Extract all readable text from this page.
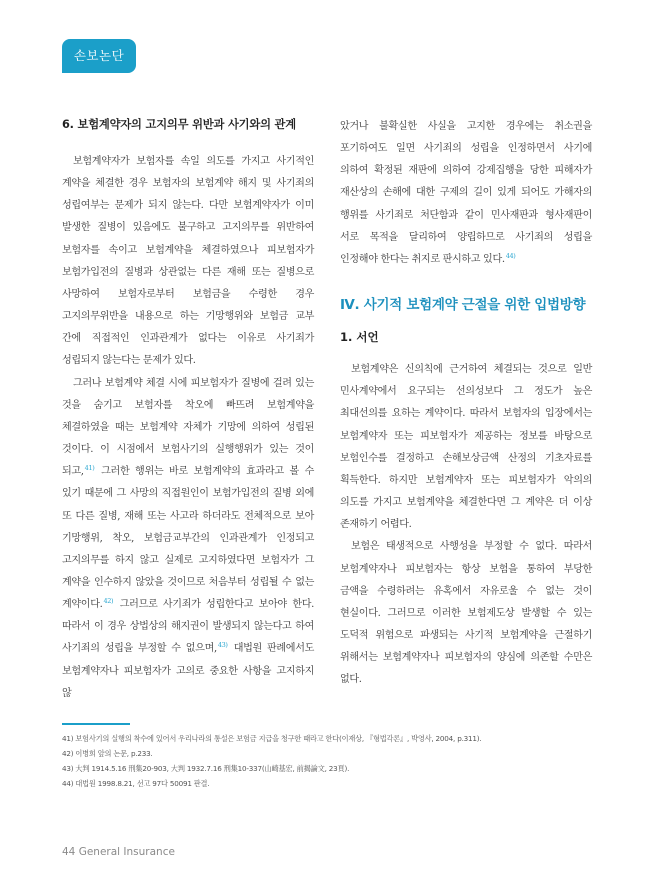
손보논단
6. 보험계약자의 고지의무 위반과 사기와의 관계

보험계약자가 보험자를 속일 의도를 가지고 사기적인 계약을 체결한 경우 보험자의 보험계약 해지 및 사기죄의 성립여부는 문제가 되지 않는다. 다만 보험계약자가 이미 발생한 질병이 있음에도 불구하고 고지의무를 위반하여 보험자를 속이고 보험계약을 체결하였으나 피보험자가 보험가입전의 질병과 상관없는 다른 재해 또는 질병으로 사망하여 보험자로부터 보험금을 수령한 경우 고지의무위반을 내용으로 하는 기망행위와 보험금 교부 간에 직접적인 인과관계가 없다는 이유로 사기죄가 성립되지 않는다는 문제가 있다.

그러나 보험계약 체결 시에 피보험자가 질병에 걸려 있는 것을 숨기고 보험자를 착오에 빠뜨려 보험계약을 체결하였을 때는 보험계약 자체가 기망에 의하여 성립된 것이다. 이 시점에서 보험사기의 실행행위가 있는 것이 되고,$^{41)}$ 그러한 행위는 바로 보험계약의 효과라고 볼 수 있기 때문에 그 사망의 직접원인이 보험가입전의 질병 외에 또 다른 질병, 재해 또는 사고라 하더라도 전체적으로 보아 기망행위, 착오, 보험금교부간의 인과관계가 인정되고 고지의무를 하지 않고 실제로 고지하였다면 보험자가 그 계약을 인수하지 않았을 것이므로 처음부터 성립될 수 없는 계약이다.$^{42)}$ 그러므로 사기죄가 성립한다고 보아야 한다. 따라서 이 경우 상법상의 해지권이 발생되지 않는다고 하여 사기죄의 성립을 부정할 수 없으며,$^{43)}$ 대법원 판례에서도 보험계약자나 피보험자가 고의로 중요한 사항을 고지하지 않

았거나 불확실한 사실을 고지한 경우에는 취소권을 포기하여도 일면 사기죄의 성립을 인정하면서 사기에 의하여 확정된 재판에 의하여 강제집행을 당한 피해자가 재산상의 손해에 대한 구제의 길이 있게 되어도 가해자의 행위를 사기죄로 처단함과 같이 민사재판과 형사재판이 서로 목적을 달리하여 양립하므로 사기죄의 성립을 인정해야 한다는 취지로 판시하고 있다.$^{44)}$

Ⅳ. 사기적 보험계약 근절을 위한 입법방향
1. 서언

보험계약은 신의칙에 근거하여 체결되는 것으로 일반 민사계약에서 요구되는 선의성보다 그 정도가 높은 최대선의를 요하는 계약이다. 따라서 보험자의 입장에서는 보험계약자 또는 피보험자가 제공하는 정보를 바탕으로 보험인수를 결정하고 손해보상금액 산정의 기초자료를 획득한다. 하지만 보험계약자 또는 피보험자가 악의의 의도를 가지고 보험계약을 체결한다면 그 계약은 더 이상 존재하기 어렵다.

보험은 태생적으로 사행성을 부정할 수 없다. 따라서 보험계약자나 피보험자는 항상 보험을 통하여 부당한 금액을 수령하려는 유혹에서 자유로울 수 없는 것이 현실이다. 그러므로 이러한 보험제도상 발생할 수 있는 도덕적 위험으로 파생되는 사기적 보험계약을 근절하기 위해서는 보험계약자나 피보험자의 양심에 의존할 수만은 없다.

41) 보험사기의 실행의 착수에 있어서 우리나라의 통설은 보험금 지급을 청구한 때라고 한다(이재상, 『형법각론』, 박영사, 2004, p.311).
42) 이병희 앞의 논문, p.233.
43) 大判 1914.5.16 刑集20-903, 大判 1932.7.16 刑集10-337(山崎基宏, 前揭論文, 23頁).
44) 대법원 1998.8.21, 선고 97다 50091 판결.
44 General Insurance
